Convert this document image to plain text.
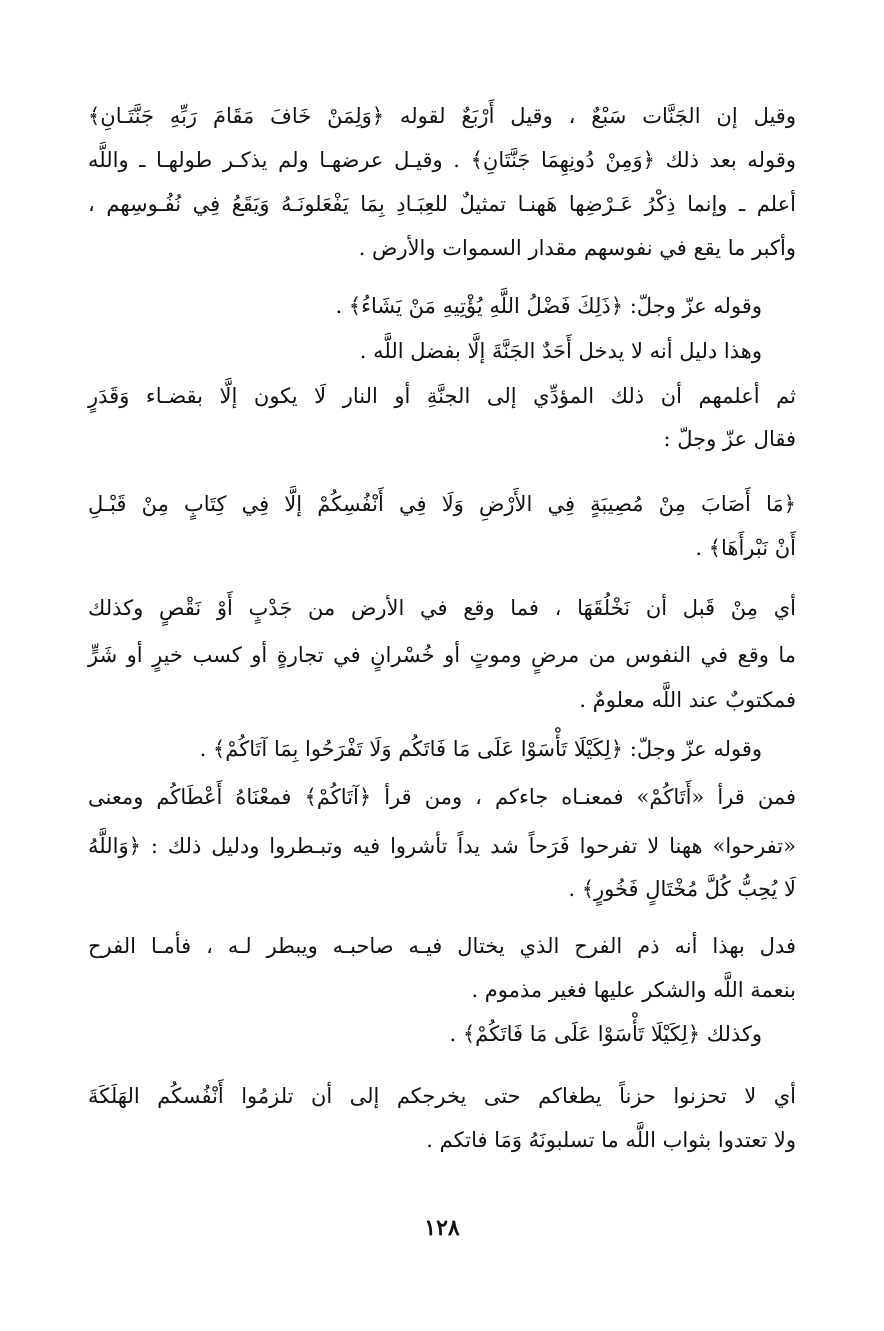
وقيل إن الجَنَّات سَبْعٌ ، وقيل أَرْبَعٌ لقوله ﴿وَلِمَنْ خَافَ مَقَامَ رَبِّهِ جَنَّتَـانِ﴾

وقوله بعد ذلك ﴿وَمِنْ دُونِهِمَا جَنَّتَانِ﴾ . وقيـل عرضهـا ولم يذكـر طولهـا ـ واللَّه

أعلم ـ وإنما ذِكْرُ عَـرْضِها هَهنـا تمثيلٌ للعِبَـادِ بِمَا يَفْعَلونَـهُ وَيَقَعُ فِي نُفُـوسِهم ،

وأكبر ما يقع في نفوسهم مقدار السموات والأرض .

وقوله عزّ وجلّ: ﴿ذَلِكَ فَضْلُ اللَّهِ يُؤْتِيهِ مَنْ يَشَاءُ﴾ .

وهذا دليل أنه لا يدخل أَحَدٌ الجَنَّةَ إلَّا بفضل اللَّه .

ثم أعلمهم أن ذلك المؤدِّي إلى الجنَّةِ أو النار لَا يكون إلَّا بقضـاء وَقَدَرٍ

فقال عزّ وجلّ :

﴿مَا أَصَابَ مِنْ مُصِيبَةٍ فِي الأَرْضِ وَلَا فِي أَنْفُسِكُمْ إلَّا فِي كِتَابٍ مِنْ قَبْـلِ

أَنْ نَبْرأَهَا﴾ .

أي مِنْ قَبل أن نَخْلُقَهَا ، فما وقع في الأرض من جَدْبٍ أَوْ نَقْصٍ وكذلك

ما وقع في النفوس من مرضٍ وموتٍ أو خُسْرانٍ في تجارةٍ أو كسب خيرٍ أو شَرٍّ

فمكتوبٌ عند اللَّه معلومٌ .

وقوله عزّ وجلّ: ﴿لِكَيْلَا تَأْسَوْا عَلَى مَا فَاتَكُم وَلَا تَفْرَحُوا بِمَا آتَاكُمْ﴾ .

فمن قرأ «أَتَاكُمْ» فمعنـاه جاءكم ، ومن قرأ ﴿آتَاكُمْ﴾ فمعْنَاهُ أَعْطَاكُم ومعنى

«تفرحوا» ههنا لا تفرحوا فَرَحاً شد يداً تأشروا فيه وتبـطروا ودليل ذلك : ﴿وَاللَّهُ

لَا يُحِبُّ كُلَّ مُخْتَالٍ فَخُورٍ﴾ .

فدل بهذا أنه ذم الفرح الذي يختال فيـه صاحبـه ويبطر لـه ، فأمـا الفرح

بنعمة اللَّه والشكر عليها فغير مذموم .

وكذلك ﴿لِكَيْلَا تَأْسَوْا عَلَى مَا فَاتَكُمْ﴾ .

أي لا تحزنوا حزناً يطغاكم حتى يخرجكم إلى أن تلزمُوا أَنْفُسكُم الهَلَكَةَ

ولا تعتدوا بثواب اللَّه ما تسلبونَهُ وَمَا فاتكم .

١٢٨
